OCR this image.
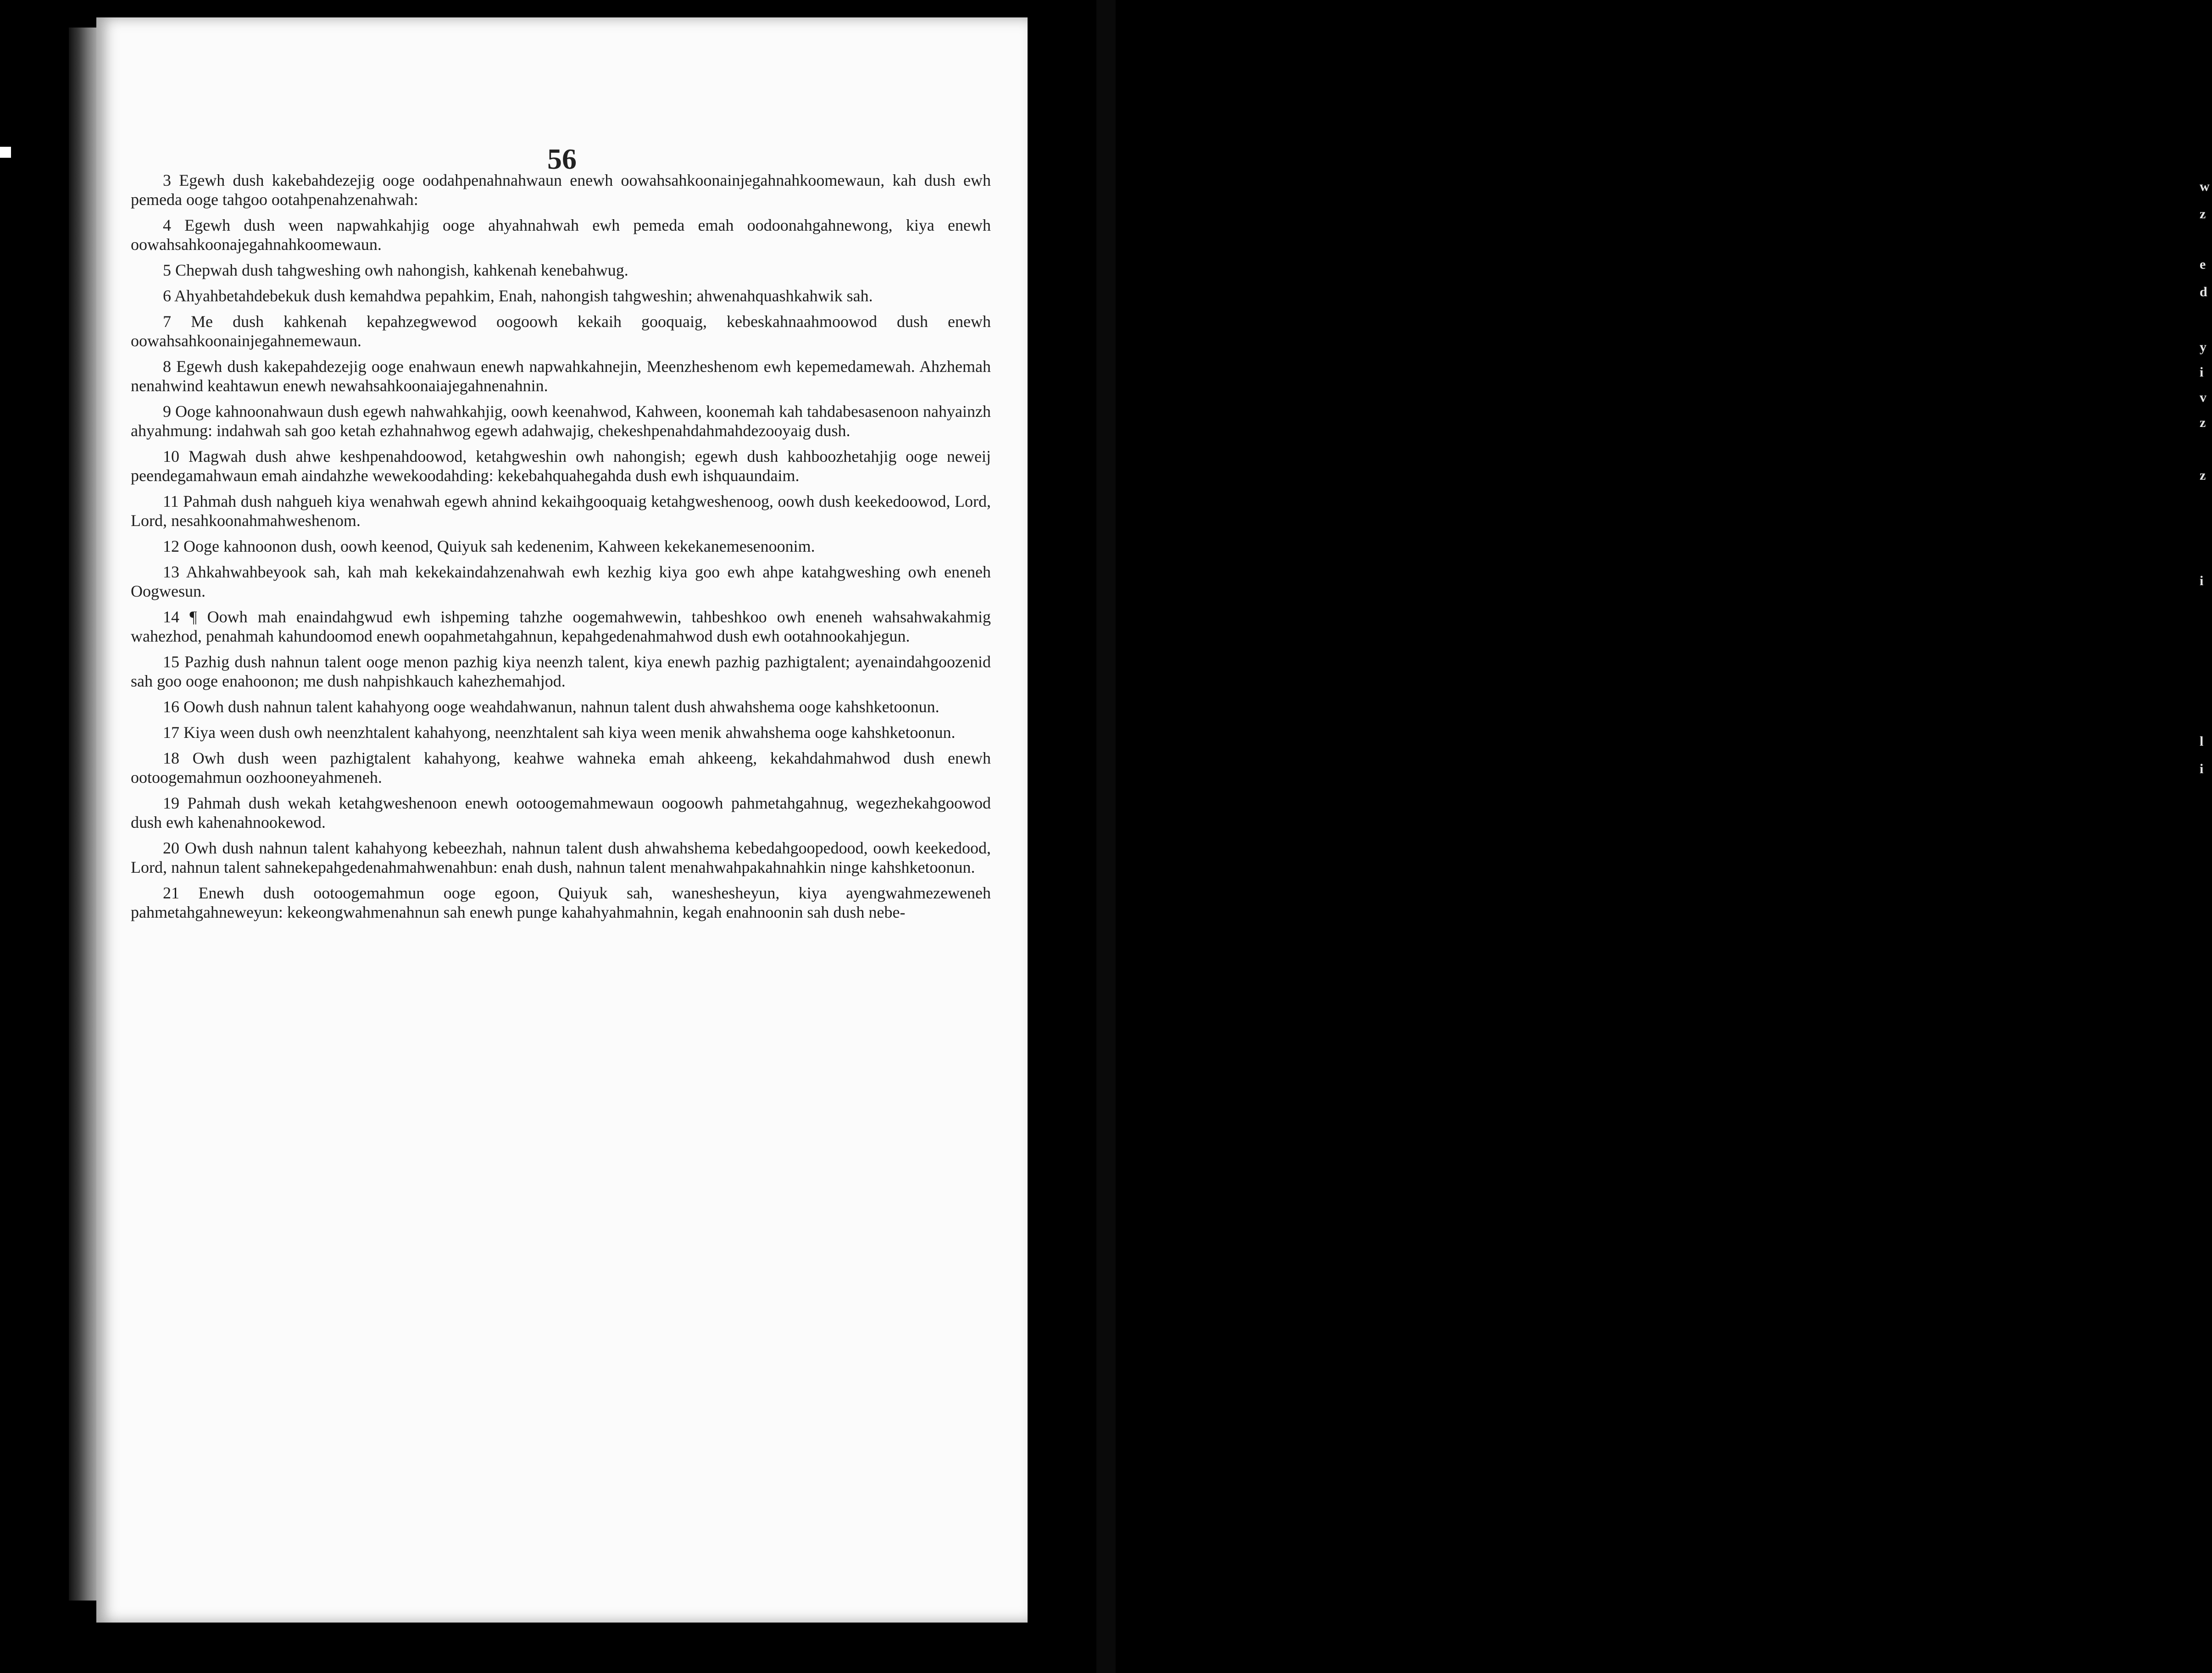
56

3 Egewh dush kakebahdezejig ooge oodahpenahnahwaun enewh oowahsahkoonainjegahnahkoomewaun, kah dush ewh pemeda ooge tahgoo ootahpenahzenahwah:

4 Egewh dush ween napwahkahjig ooge ahyahnahwah ewh pemeda emah oodoonahgahnewong, kiya enewh oowahsahkoonajegahnahkoomewaun.

5 Chepwah dush tahgweshing owh nahongish, kahkenah kenebahwug.

6 Ahyahbetahdebekuk dush kemahdwa pepahkim, Enah, nahongish tahgweshin; ahwenahquashkahwik sah.

7 Me dush kahkenah kepahzegwewod oogoowh kekaih gooquaig, kebeskahnaahmoowod dush enewh oowahsahkoonainjegahnemewaun.

8 Egewh dush kakepahdezejig ooge enahwaun enewh napwahkahnejin, Meenzheshenom ewh kepemedamewah. Ahzhemah nenahwind keahtawun enewh newahsahkoonaiajegahnenahnin.

9 Ooge kahnoonahwaun dush egewh nahwahkahjig, oowh keenahwod, Kahween, koonemah kah tahdabesasenoon nahyainzh ahyahmung: indahwah sah goo ketah ezhahnahwog egewh adahwajig, chekeshpenahdahmahdezooyaig dush.

10 Magwah dush ahwe keshpenahdoowod, ketahgweshin owh nahongish; egewh dush kahboozhetahjig ooge neweij peendegamahwaun emah aindahzhe wewekoodahding: kekebahquahegahda dush ewh ishquaundaim.

11 Pahmah dush nahgueh kiya wenahwah egewh ahnind kekaihgooquaig ketahgweshenoog, oowh dush keekedoowod, Lord, Lord, nesahkoonahmahweshenom.

12 Ooge kahnoonon dush, oowh keenod, Quiyuk sah kedenenim, Kahween kekekanemesenoonim.

13 Ahkahwahbeyook sah, kah mah kekekaindahzenahwah ewh kezhig kiya goo ewh ahpe katahgweshing owh eneneh Oogwesun.

14 ¶ Oowh mah enaindahgwud ewh ishpeming tahzhe oogemahwewin, tahbeshkoo owh eneneh wahsahwakahmig wahezhod, penahmah kahundoomod enewh oopahmetahgahnun, kepahgedenahmahwod dush ewh ootahnookahjegun.

15 Pazhig dush nahnun talent ooge menon pazhig kiya neenzh talent, kiya enewh pazhig pazhigtalent; ayenaindahgoozenid sah goo ooge enahoonon; me dush nahpishkauch kahezhemahjod.

16 Oowh dush nahnun talent kahahyong ooge weahdahwanun, nahnun talent dush ahwahshema ooge kahshketoonun.

17 Kiya ween dush owh neenzhtalent kahahyong, neenzhtalent sah kiya ween menik ahwahshema ooge kahshketoonun.

18 Owh dush ween pazhigtalent kahahyong, keahwe wahneka emah ahkeeng, kekahdahmahwod dush enewh ootoogemahmun oozhooneyahmeneh.

19 Pahmah dush wekah ketahgweshenoon enewh ootoogemahmewaun oogoowh pahmetahgahnug, wegezhekahgoowod dush ewh kahenahnookewod.

20 Owh dush nahnun talent kahahyong kebeezhah, nahnun talent dush ahwahshema kebedahgoopedood, oowh keekedood, Lord, nahnun talent sahnekepahgedenahmahwenahbun: enah dush, nahnun talent menahwahpakahnahkin ninge kahshketoonun.

21 Enewh dush ootoogemahmun ooge egoon, Quiyuk sah, waneshesheyun, kiya ayengwahmezeweneh pahmetahgahneweyun: kekeongwahmenahnun sah enewh punge kahahyahmahnin, kegah enahnoonin sah dush nebe-

w
z
e
d
y
i
v
z
z
i
l
i
